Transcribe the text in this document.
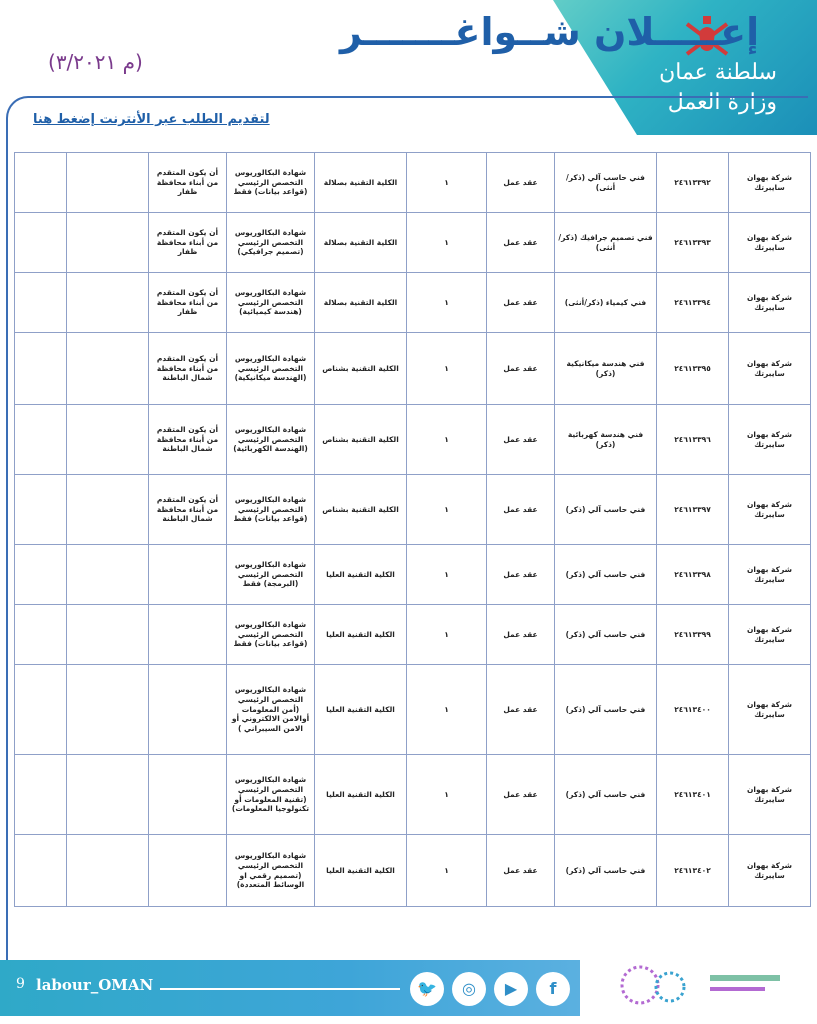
سلطنة عمان
وزارة العمل
إعـــــلان شــواغـــــــر
(م ٣/٢٠٢١)
لتقديم الطلب عبر الأنترنت إضغط هنا
شركة بهوان سايبرتك	٢٤٦١٣٣٩٢	فني حاسب آلي (ذكر/أنثى)	عقد عمل	١	الكلية التقنية بصلالة	شهادة البكالوريوس التخصص الرئيسي (قواعد بيانات) فقط	أن يكون المتقدم من أبناء محافظة ظفار		
شركة بهوان سايبرتك	٢٤٦١٣٣٩٣	فني تصميم جرافيك (ذكر/أنثى)	عقد عمل	١	الكلية التقنية بصلالة	شهادة البكالوريوس التخصص الرئيسي (تصميم جرافيكي)	أن يكون المتقدم من أبناء محافظة ظفار		
شركة بهوان سايبرتك	٢٤٦١٣٣٩٤	فني كيمياء (ذكر/أنثى)	عقد عمل	١	الكلية التقنية بصلالة	شهادة البكالوريوس التخصص الرئيسي (هندسة كيميائية)	أن يكون المتقدم من أبناء محافظة ظفار		
شركة بهوان سايبرتك	٢٤٦١٣٣٩٥	فني هندسة ميكانيكية (ذكر)	عقد عمل	١	الكلية التقنية بشناص	شهادة البكالوريوس التخصص الرئيسي (الهندسة ميكانيكية)	أن يكون المتقدم من أبناء محافظة شمال الباطنة		
شركة بهوان سايبرتك	٢٤٦١٣٣٩٦	فني هندسة كهربائية (ذكر)	عقد عمل	١	الكلية التقنية بشناص	شهادة البكالوريوس التخصص الرئيسي (الهندسة الكهربائية)	أن يكون المتقدم من أبناء محافظة شمال الباطنة		
شركة بهوان سايبرتك	٢٤٦١٣٣٩٧	فني حاسب آلي (ذكر)	عقد عمل	١	الكلية التقنية بشناص	شهادة البكالوريوس التخصص الرئيسي (قواعد بيانات) فقط	أن يكون المتقدم من أبناء محافظة شمال الباطنة		
شركة بهوان سايبرتك	٢٤٦١٣٣٩٨	فني حاسب آلي (ذكر)	عقد عمل	١	الكلية التقنية العليا	شهادة البكالوريوس التخصص الرئيسي (البرمجة) فقط			
شركة بهوان سايبرتك	٢٤٦١٣٣٩٩	فني حاسب آلي (ذكر)	عقد عمل	١	الكلية التقنية العليا	شهادة البكالوريوس التخصص الرئيسي (قواعد بيانات) فقط			
شركة بهوان سايبرتك	٢٤٦١٣٤٠٠	فني حاسب آلي (ذكر)	عقد عمل	١	الكلية التقنية العليا	شهادة البكالوريوس التخصص الرئيسي (أمن المعلومات أوالامن الالكتروني أو الامن السيبراني )			
شركة بهوان سايبرتك	٢٤٦١٣٤٠١	فني حاسب آلي (ذكر)	عقد عمل	١	الكلية التقنية العليا	شهادة البكالوريوس التخصص الرئيسي (تقنية المعلومات أو تكنولوجيا المعلومات)			
شركة بهوان سايبرتك	٢٤٦١٣٤٠٢	فني حاسب آلي (ذكر)	عقد عمل	١	الكلية التقنية العليا	شهادة البكالوريوس التخصص الرئيسي (تصميم رقمي او الوسائط المتعددة)			
9 labour_OMAN	🐦	◎	▶	f
